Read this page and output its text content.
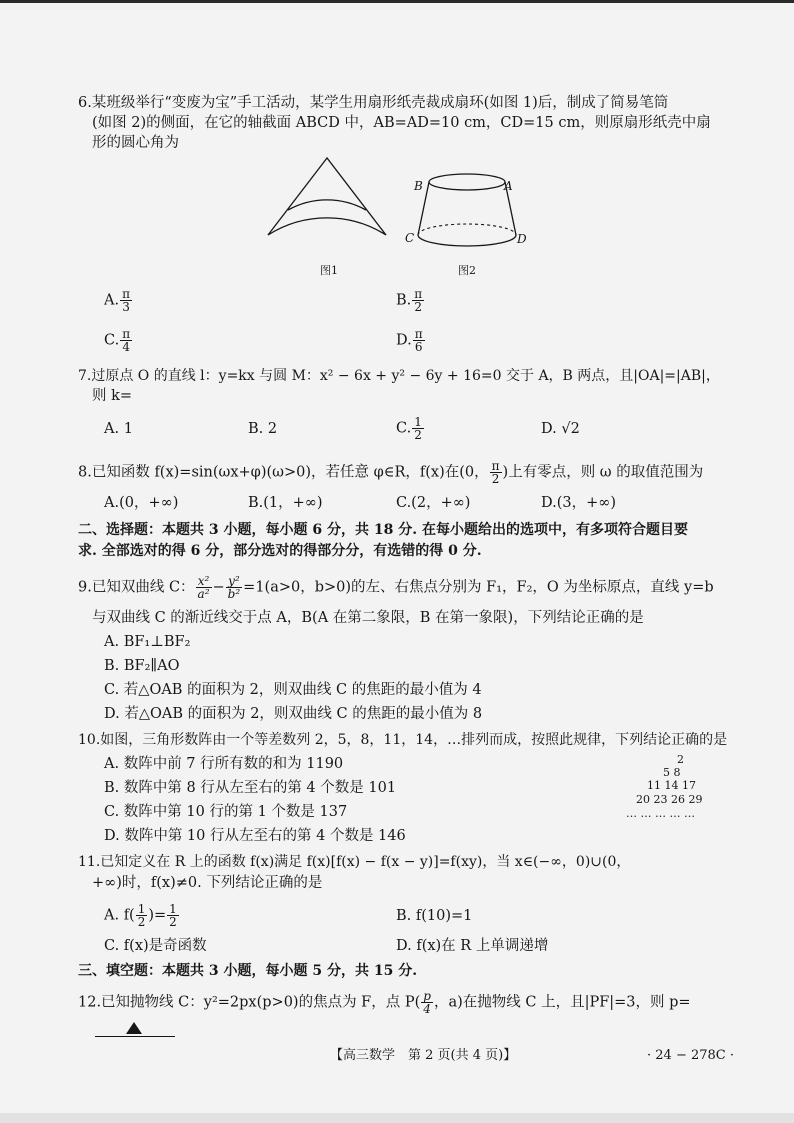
6.某班级举行“变废为宝”手工活动，某学生用扇形纸壳裁成扇环(如图 1)后，制成了简易笔筒
(如图 2)的侧面，在它的轴截面 ABCD 中，AB=AD=10 cm，CD=15 cm，则原扇形纸壳中扇
形的圆心角为
图1
B	A
C	D
图2
A. $\frac{\pi}{3}$	B. $\frac{\pi}{2}$
C. $\frac{\pi}{4}$	D. $\frac{\pi}{6}$
7.过原点 O 的直线 l：y=kx 与圆 M：x² − 6x + y² − 6y + 16=0 交于 A，B 两点，且|OA|=|AB|，
则 k=
A. 1	B. 2	C. $\frac{1}{2}$	D. √2
8.已知函数 f(x)=sin(ωx+φ)(ω>0)，若任意 φ∈R，f(x)在(0， $\frac{\pi}{2}$ )上有零点，则 ω 的取值范围为
A.(0，+∞)	B.(1，+∞)	C.(2，+∞)	D.(3，+∞)
二、选择题：本题共 3 小题，每小题 6 分，共 18 分. 在每小题给出的选项中，有多项符合题目要
求. 全部选对的得 6 分，部分选对的得部分分，有选错的得 0 分.
9.已知双曲线 C： $\frac{\text{x²}}{\text{a²}} - \frac{\text{y²}}{\text{b²}} =1(a>0$，b>0)的左、右焦点分别为 F₁，F₂，O 为坐标原点，直线 y=b
与双曲线 C 的渐近线交于点 A，B(A 在第二象限，B 在第一象限)，下列结论正确的是
A. BF₁⊥BF₂
B. BF₂∥AO
C. 若△OAB 的面积为 2，则双曲线 C 的焦距的最小值为 4
D. 若△OAB 的面积为 2，则双曲线 C 的焦距的最小值为 8
10.如图，三角形数阵由一个等差数列 2，5，8，11，14，…排列而成，按照此规律，下列结论正确的是
A. 数阵中前 7 行所有数的和为 1190
B. 数阵中第 8 行从左至右的第 4 个数是 101
C. 数阵中第 10 行的第 1 个数是 137
D. 数阵中第 10 行从左至右的第 4 个数是 146
2
5 8
11 14 17
20 23 26 29
… … … … …
11.已知定义在 R 上的函数 f(x)满足 f(x)[f(x) − f(x − y)]=f(xy)，当 x∈(−∞，0)∪(0，
+∞)时，f(x)≠0. 下列结论正确的是
A. $f( \frac{1}{2}$ )= $\frac{1}{2}$	B. f(10)=1
C. f(x)是奇函数	D. f(x)在 R 上单调递增
三、填空题：本题共 3 小题，每小题 5 分，共 15 分.
12.已知抛物线 C：y²=2px(p>0)的焦点为 F，点 $P( \frac{p}{4}$ ，a)在抛物线 C 上，且|PF|=3，则 p=
【高三数学　第 2 页(共 4 页)】	· 24 − 278C ·
